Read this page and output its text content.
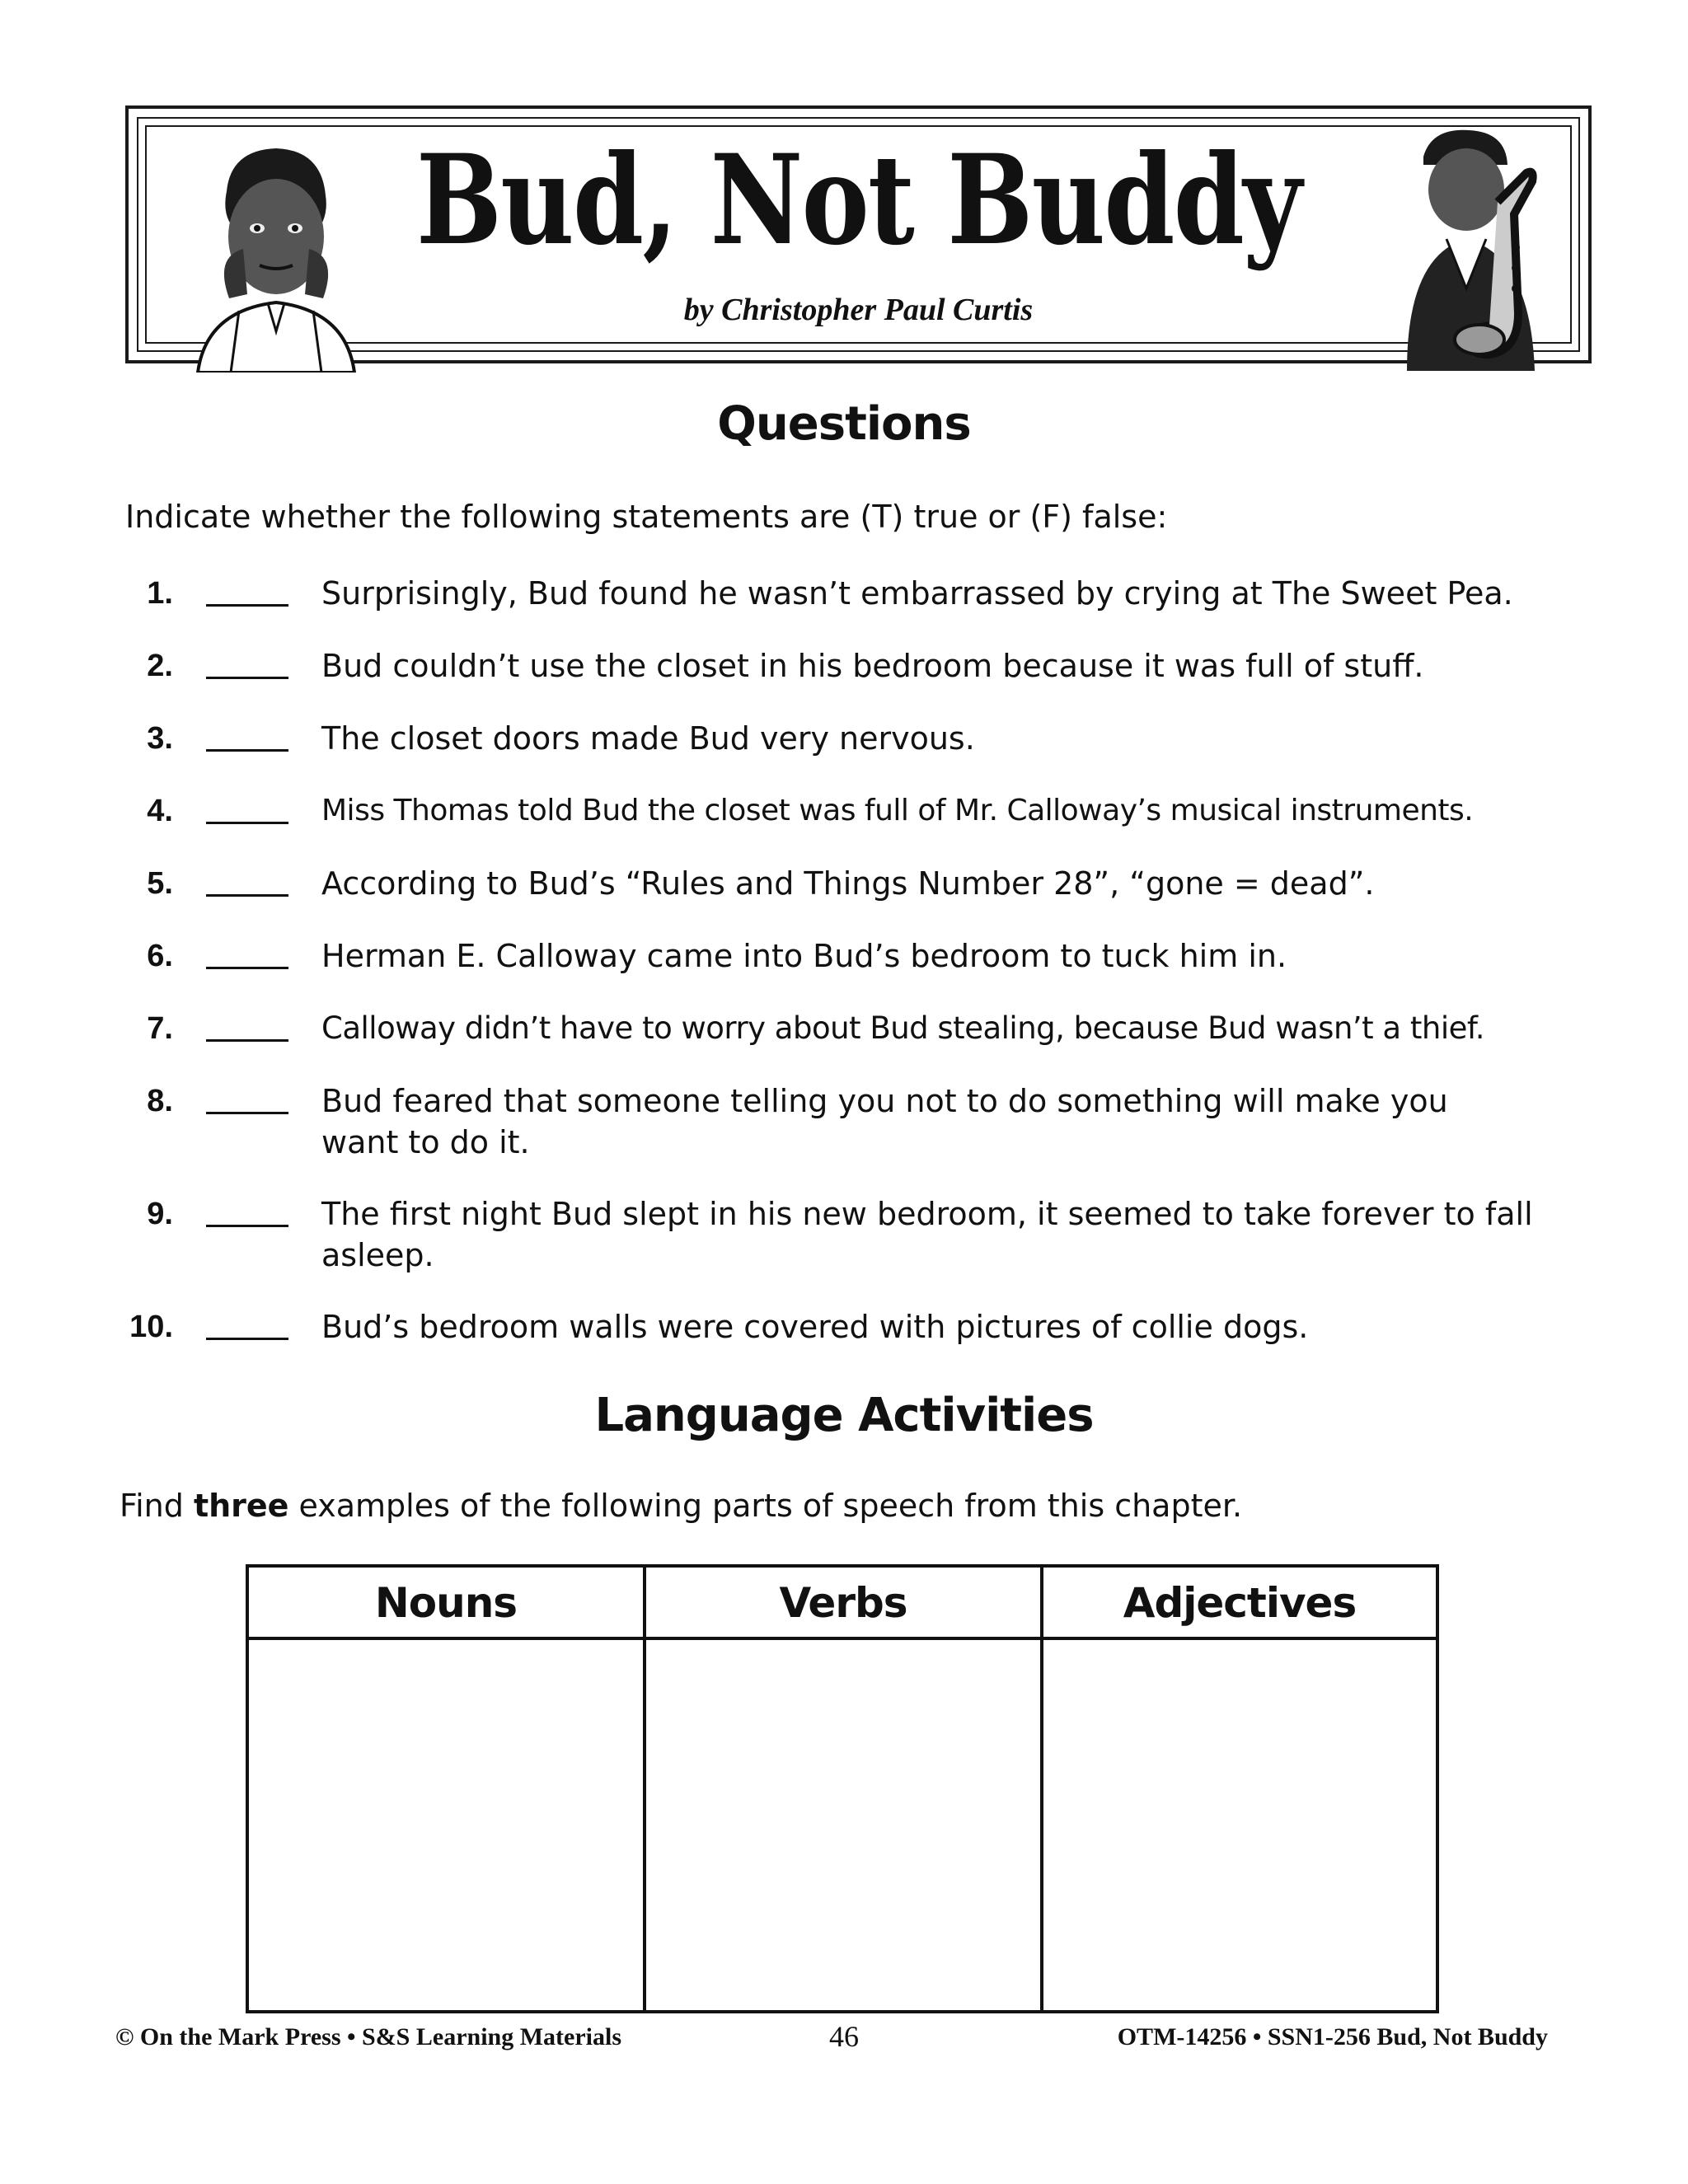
Bud, Not Buddy
by Christopher Paul Curtis
Questions
Indicate whether the following statements are (T) true or (F) false:
1.	Surprisingly, Bud found he wasn’t embarrassed by crying at The Sweet Pea.
2.	Bud couldn’t use the closet in his bedroom because it was full of stuff.
3.	The closet doors made Bud very nervous.
4.	Miss Thomas told Bud the closet was full of Mr. Calloway’s musical instruments.
5.	According to Bud’s “Rules and Things Number 28”, “gone = dead”.
6.	Herman E. Calloway came into Bud’s bedroom to tuck him in.
7.	Calloway didn’t have to worry about Bud stealing, because Bud wasn’t a thief.
8.	Bud feared that someone telling you not to do something will make you want to do it.
9.	The first night Bud slept in his new bedroom, it seemed to take forever to fall asleep.
10.	Bud’s bedroom walls were covered with pictures of collie dogs.
Language Activities
Find three examples of the following parts of speech from this chapter.
Nouns	Verbs	Adjectives
© On the Mark Press • S&S Learning Materials	46	OTM-14256 • SSN1-256 Bud, Not Buddy
